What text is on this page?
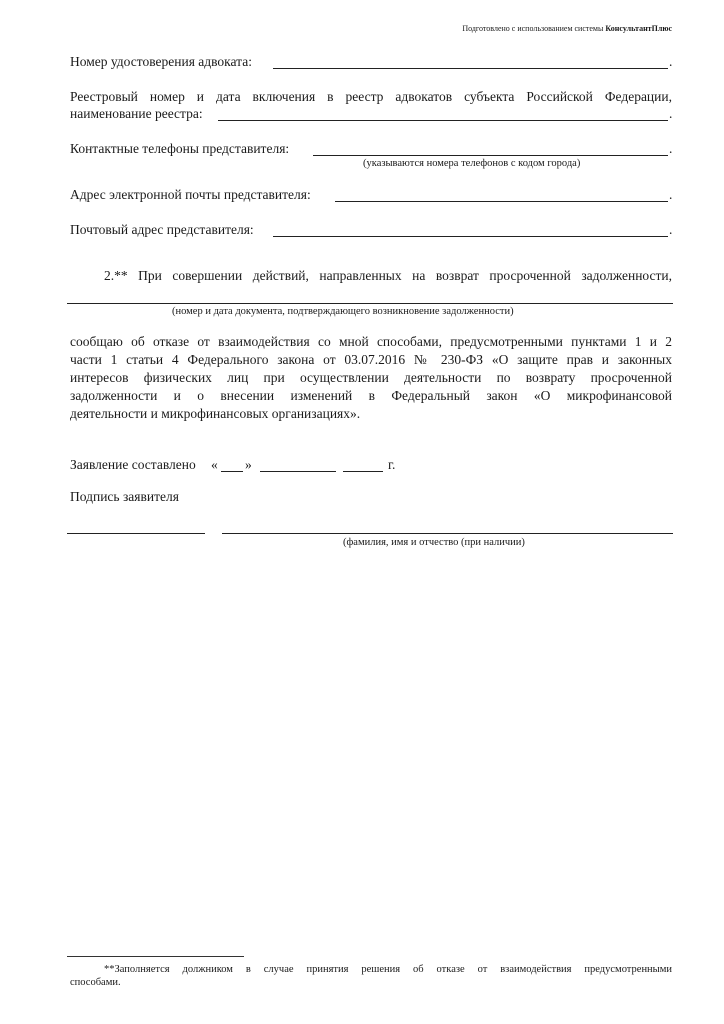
Подготовлено с использованием системы КонсультантПлюс
Номер удостоверения адвоката:	.
Реестровый номер и дата включения в реестр адвокатов субъекта Российской Федерации,
наименование реестра:	.
Контактные телефоны представителя:	.
(указываются номера телефонов с кодом города)
Адрес электронной почты представителя:	.
Почтовый адрес представителя:	.
2.** При совершении действий, направленных на возврат просроченной задолженности,
(номер и дата документа, подтверждающего возникновение задолженности)
сообщаю об отказе от взаимодействия со мной способами, предусмотренными пунктами 1 и 2
части 1 статьи 4 Федерального закона от 03.07.2016 № 230-ФЗ «О защите прав и законных
интересов физических лиц при осуществлении деятельности по возврату просроченной
задолженности и о внесении изменений в Федеральный закон «О микрофинансовой
деятельности и микрофинансовых организациях».
Заявление составлено « »	г.
Подпись заявителя
(фамилия, имя и отчество (при наличии)
**Заполняется должником в случае принятия решения об отказе от взаимодействия предусмотренными
способами.
